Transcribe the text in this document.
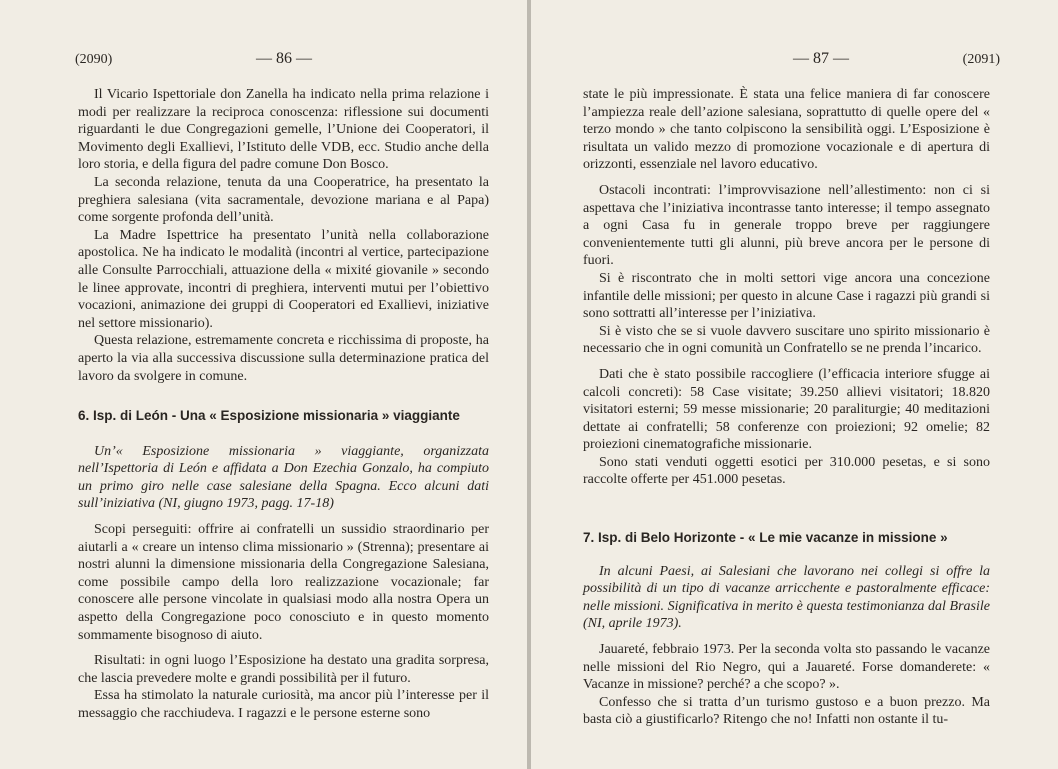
(2090)	— 86 —

Il Vicario Ispettoriale don Zanella ha indicato nella prima relazione i modi per realizzare la reciproca conoscenza: riflessione sui documenti riguardanti le due Congregazioni gemelle, l’Unione dei Cooperatori, il Movimento degli Exallievi, l’Istituto delle VDB, ecc. Studio anche della loro storia, e della figura del padre comune Don Bosco.

La seconda relazione, tenuta da una Cooperatrice, ha presentato la preghiera salesiana (vita sacramentale, devozione mariana e al Papa) come sorgente profonda dell’unità.

La Madre Ispettrice ha presentato l’unità nella collaborazione apostolica. Ne ha indicato le modalità (incontri al vertice, partecipazione alle Consulte Parrocchiali, attuazione della « mixité giovanile » secondo le linee approvate, incontri di preghiera, interventi mutui per l’obiettivo vocazioni, animazione dei gruppi di Cooperatori ed Exallievi, iniziative nel settore missionario).

Questa relazione, estremamente concreta e ricchissima di proposte, ha aperto la via alla successiva discussione sulla determinazione pratica del lavoro da svolgere in comune.

6. Isp. di León - Una « Esposizione missionaria » viaggiante

Un’« Esposizione missionaria » viaggiante, organizzata nell’Ispettoria di León e affidata a Don Ezechia Gonzalo, ha compiuto un primo giro nelle case salesiane della Spagna. Ecco alcuni dati sull’iniziativa (NI, giugno 1973, pagg. 17-18)

Scopi perseguiti: offrire ai confratelli un sussidio straordinario per aiutarli a « creare un intenso clima missionario » (Strenna); presentare ai nostri alunni la dimensione missionaria della Congregazione Salesiana, come possibile campo della loro realizzazione vocazionale; far conoscere alle persone vincolate in qualsiasi modo alla nostra Opera un aspetto della Congregazione poco conosciuto e in questo momento sommamente bisognoso di aiuto.

Risultati: in ogni luogo l’Esposizione ha destato una gradita sorpresa, che lascia prevedere molte e grandi possibilità per il futuro.

Essa ha stimolato la naturale curiosità, ma ancor più l’interesse per il messaggio che racchiudeva. I ragazzi e le persone esterne sono

— 87 —	(2091)

state le più impressionate. È stata una felice maniera di far conoscere l’ampiezza reale dell’azione salesiana, soprattutto di quelle opere del « terzo mondo » che tanto colpiscono la sensibilità oggi. L’Esposizione è risultata un valido mezzo di promozione vocazionale e di apertura di orizzonti, essenziale nel lavoro educativo.

Ostacoli incontrati: l’improvvisazione nell’allestimento: non ci si aspettava che l’iniziativa incontrasse tanto interesse; il tempo assegnato a ogni Casa fu in generale troppo breve per raggiungere convenientemente tutti gli alunni, più breve ancora per le persone di fuori.

Si è riscontrato che in molti settori vige ancora una concezione infantile delle missioni; per questo in alcune Case i ragazzi più grandi si sono sottratti all’interesse per l’iniziativa.

Si è visto che se si vuole davvero suscitare uno spirito missionario è necessario che in ogni comunità un Confratello se ne prenda l’incarico.

Dati che è stato possibile raccogliere (l’efficacia interiore sfugge ai calcoli concreti): 58 Case visitate; 39.250 allievi visitatori; 18.820 visitatori esterni; 59 messe missionarie; 20 paraliturgie; 40 meditazioni dettate ai confratelli; 58 conferenze con proiezioni; 92 omelie; 82 proiezioni cinematografiche missionarie.

Sono stati venduti oggetti esotici per 310.000 pesetas, e si sono raccolte offerte per 451.000 pesetas.

7. Isp. di Belo Horizonte - « Le mie vacanze in missione »

In alcuni Paesi, ai Salesiani che lavorano nei collegi si offre la possibilità di un tipo di vacanze arricchente e pastoralmente efficace: nelle missioni. Significativa in merito è questa testimonianza dal Brasile (NI, aprile 1973).

Jauareté, febbraio 1973. Per la seconda volta sto passando le vacanze nelle missioni del Rio Negro, qui a Jauareté. Forse domanderete: « Vacanze in missione? perché? a che scopo? ».

Confesso che si tratta d’un turismo gustoso e a buon prezzo. Ma basta ciò a giustificarlo? Ritengo che no! Infatti non ostante il tu-
